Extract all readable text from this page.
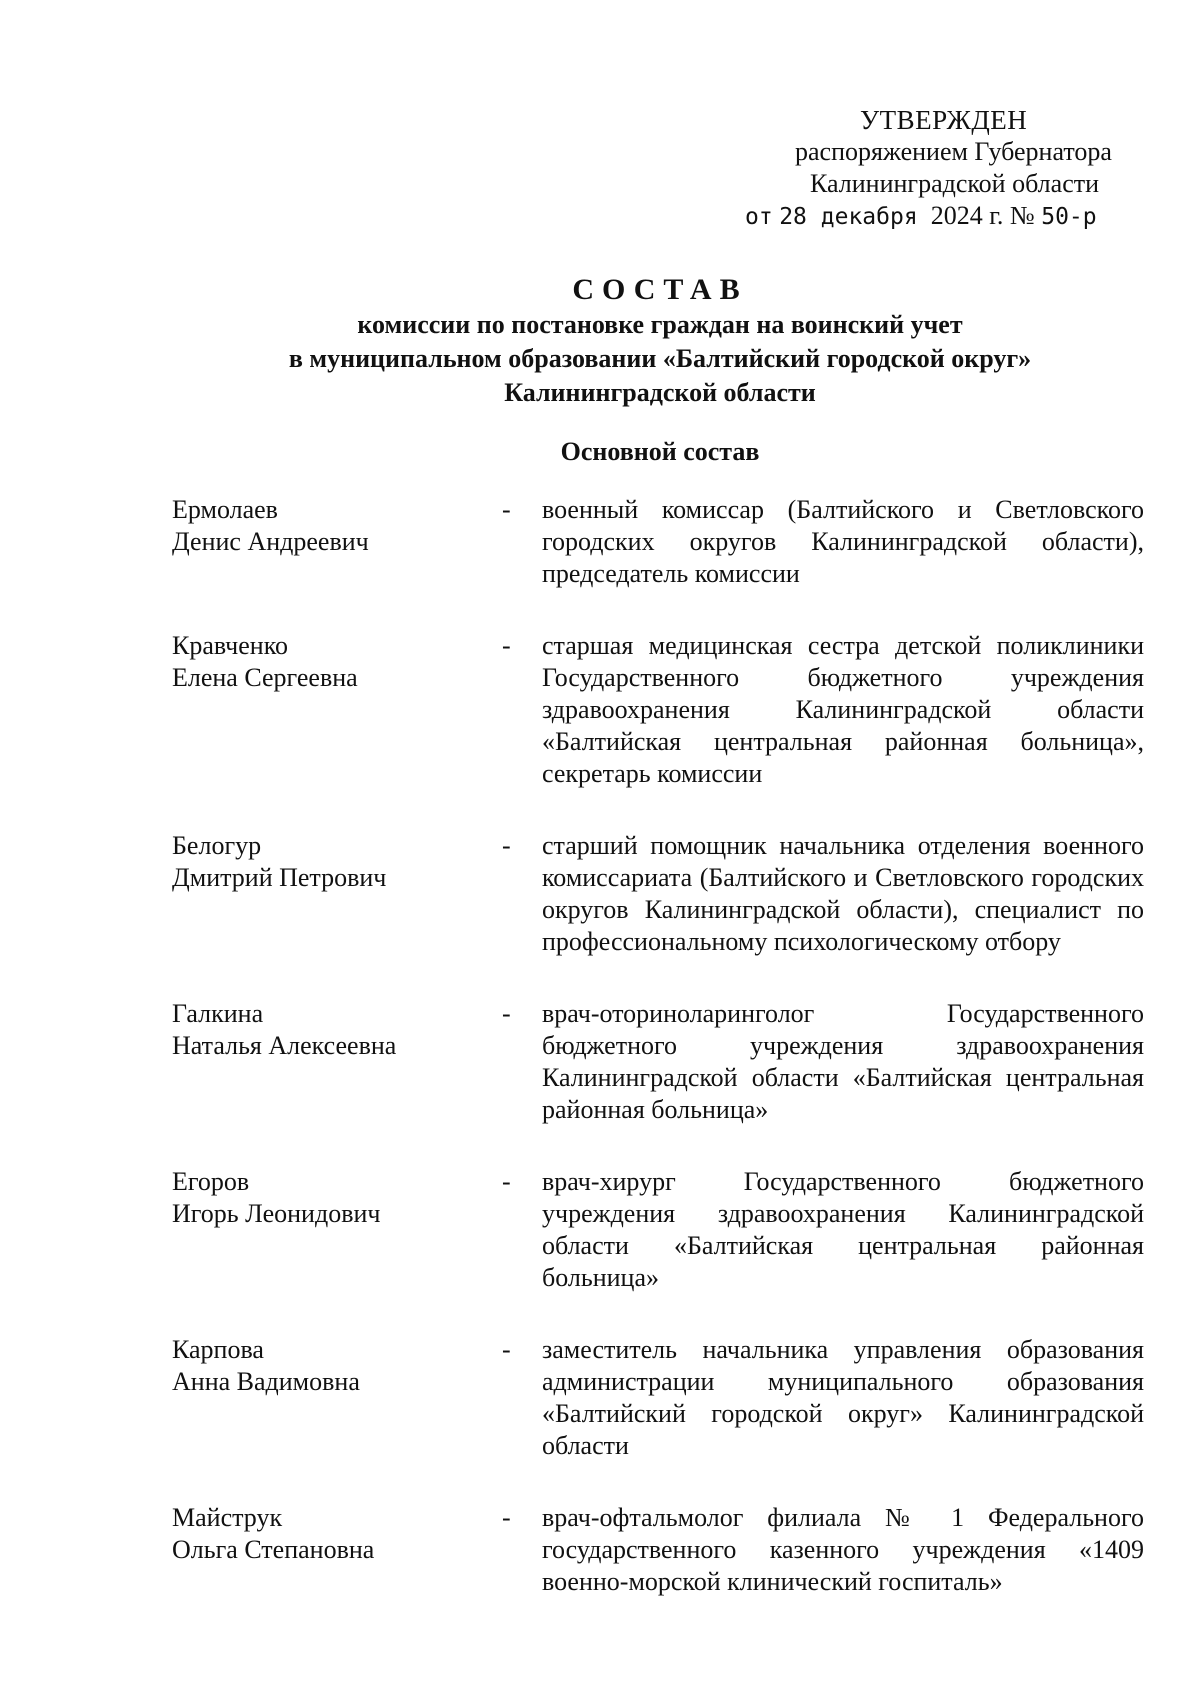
УТВЕРЖДЕН
распоряжением Губернатора
Калининградской области
от 28 декабря 2024 г. № 50-р
СОСТАВ
комиссии по постановке граждан на воинский учет
в муниципальном образовании «Балтийский городской округ»
Калининградской области
Основной состав
Ермолаев
Денис Андреевич
- военный комиссар (Балтийского и Светловского городских округов Калининградской области), председатель комиссии
Кравченко
Елена Сергеевна
- старшая медицинская сестра детской поликлиники Государственного бюджетного учреждения здравоохранения Калининградской области «Балтийская центральная районная больница», секретарь комиссии
Белогур
Дмитрий Петрович
- старший помощник начальника отделения военного комиссариата (Балтийского и Светловского городских округов Калининградской области), специалист по профессиональному психологическому отбору
Галкина
Наталья Алексеевна
- врач-оториноларинголог Государственного бюджетного учреждения здравоохранения Калининградской области «Балтийская центральная районная больница»
Егоров
Игорь Леонидович
- врач-хирург Государственного бюджетного учреждения здравоохранения Калининградской области «Балтийская центральная районная больница»
Карпова
Анна Вадимовна
- заместитель начальника управления образования администрации муниципального образования «Балтийский городской округ» Калининградской области
Майструк
Ольга Степановна
- врач-офтальмолог филиала № 1 Федерального государственного казенного учреждения «1409 военно-морской клинический госпиталь»
